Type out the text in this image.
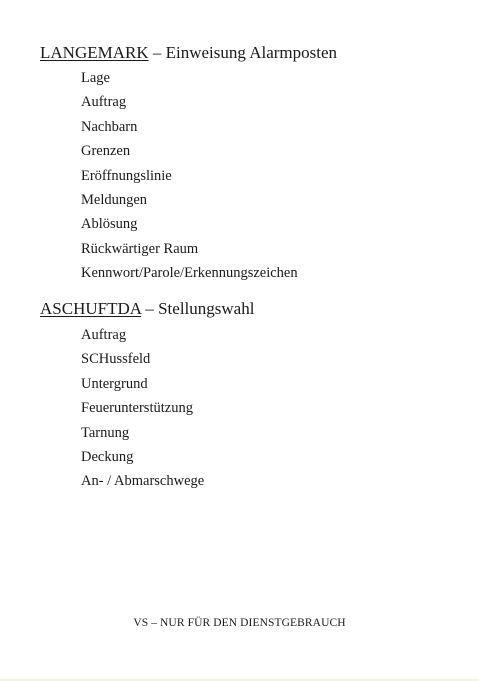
LANGEMARK – Einweisung Alarmposten
Lage
Auftrag
Nachbarn
Grenzen
Eröffnungslinie
Meldungen
Ablösung
Rückwärtiger Raum
Kennwort/Parole/Erkennungszeichen
ASCHUFTDA – Stellungswahl
Auftrag
SCHussfeld
Untergrund
Feuerunterstützung
Tarnung
Deckung
An- / Abmarschwege
VS – NUR FÜR DEN DIENSTGEBRAUCH
